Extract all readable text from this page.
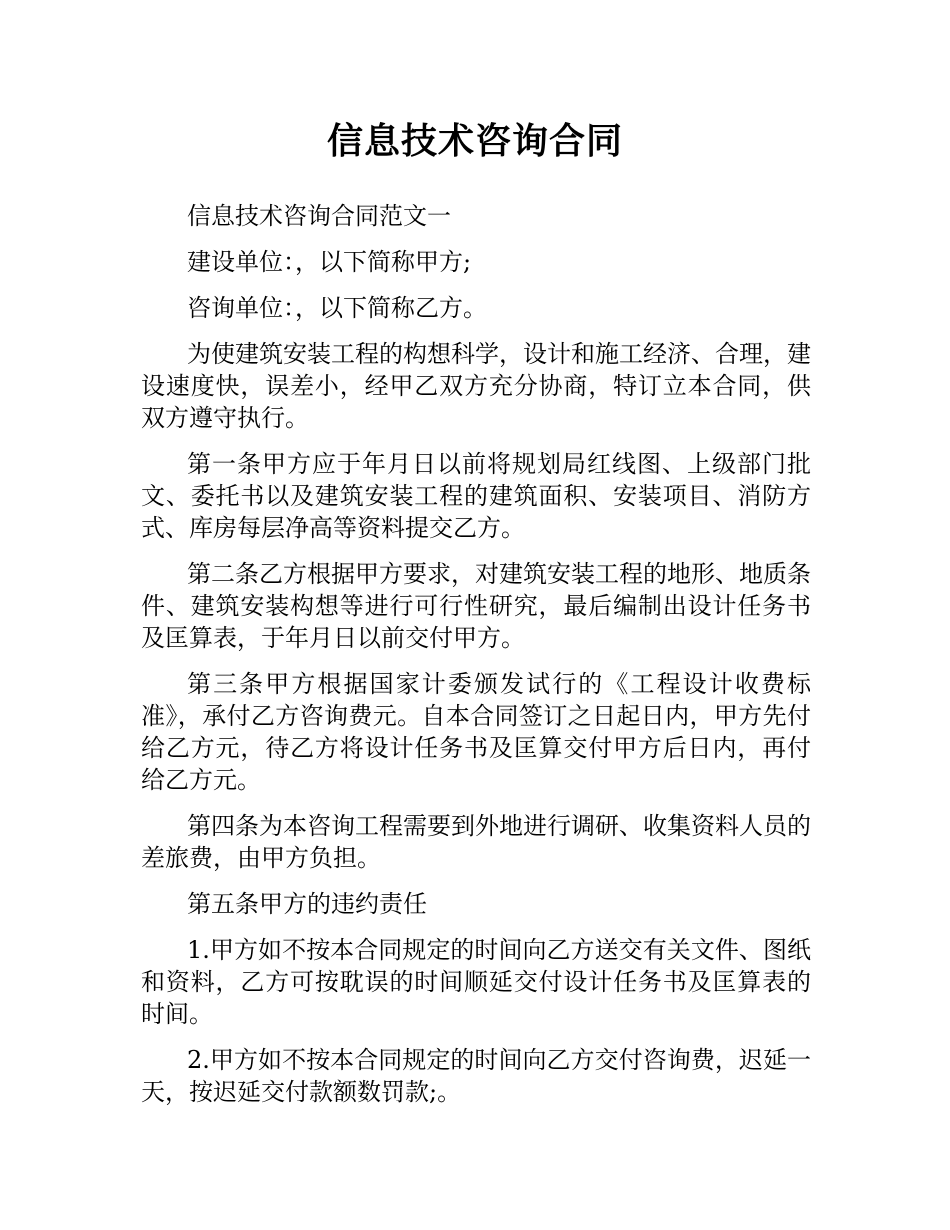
信息技术咨询合同

信息技术咨询合同范文一

建设单位：，以下简称甲方;

咨询单位：，以下简称乙方。

为使建筑安装工程的构想科学，设计和施工经济、合理，建设速度快，误差小，经甲乙双方充分协商，特订立本合同，供双方遵守执行。

第一条甲方应于年月日以前将规划局红线图、上级部门批文、委托书以及建筑安装工程的建筑面积、安装项目、消防方式、库房每层净高等资料提交乙方。

第二条乙方根据甲方要求，对建筑安装工程的地形、地质条件、建筑安装构想等进行可行性研究，最后编制出设计任务书及匡算表，于年月日以前交付甲方。

第三条甲方根据国家计委颁发试行的《工程设计收费标准》，承付乙方咨询费元。自本合同签订之日起日内，甲方先付给乙方元，待乙方将设计任务书及匡算交付甲方后日内，再付给乙方元。

第四条为本咨询工程需要到外地进行调研、收集资料人员的差旅费，由甲方负担。

第五条甲方的违约责任

1.甲方如不按本合同规定的时间向乙方送交有关文件、图纸和资料，乙方可按耽误的时间顺延交付设计任务书及匡算表的时间。

2.甲方如不按本合同规定的时间向乙方交付咨询费，迟延一天，按迟延交付款额数罚款;。
